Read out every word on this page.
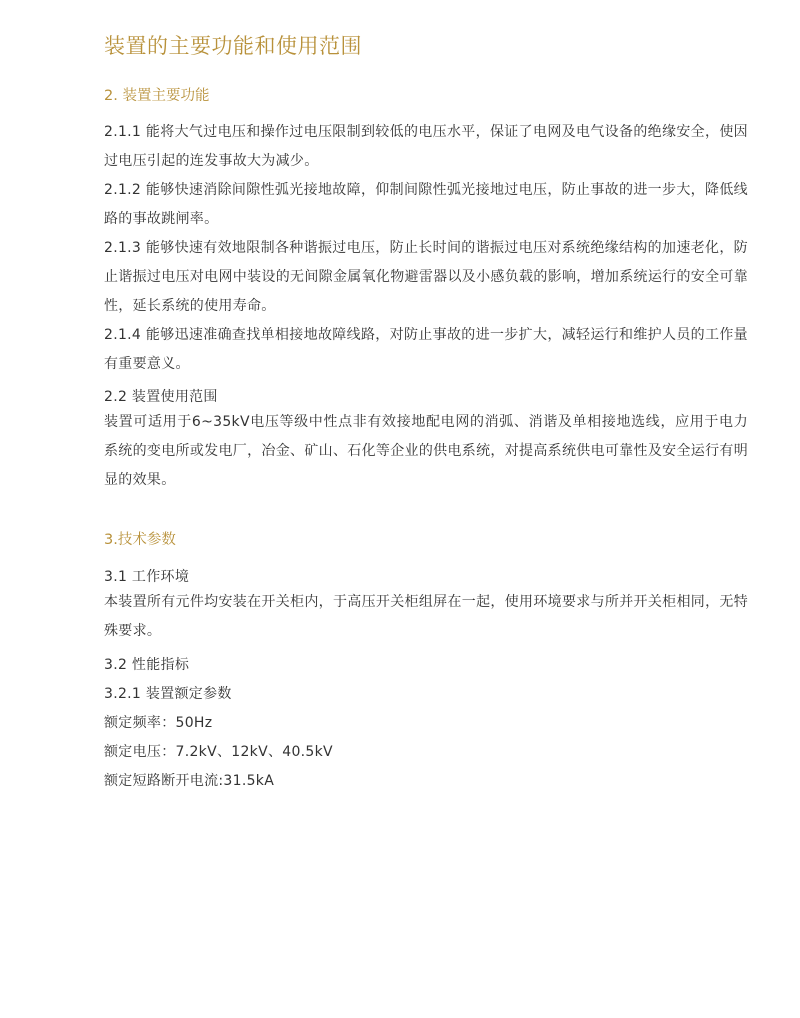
装置的主要功能和使用范围
2. 装置主要功能
2.1.1 能将大气过电压和操作过电压限制到较低的电压水平，保证了电网及电气设备的绝缘安全，使因过电压引起的连发事故大为减少。
2.1.2 能够快速消除间隙性弧光接地故障，仰制间隙性弧光接地过电压，防止事故的进一步大，降低线路的事故跳闸率。
2.1.3 能够快速有效地限制各种谐振过电压，防止长时间的谐振过电压对系统绝缘结构的加速老化，防止谐振过电压对电网中装设的无间隙金属氧化物避雷器以及小感负载的影响，增加系统运行的安全可靠性，延长系统的使用寿命。
2.1.4 能够迅速准确查找单相接地故障线路，对防止事故的进一步扩大，减轻运行和维护人员的工作量有重要意义。
2.2 装置使用范围
装置可适用于6~35kV电压等级中性点非有效接地配电网的消弧、消谐及单相接地选线，应用于电力系统的变电所或发电厂，冶金、矿山、石化等企业的供电系统，对提高系统供电可靠性及安全运行有明显的效果。
3.技术参数
3.1 工作环境
本装置所有元件均安装在开关柜内，于高压开关柜组屏在一起，使用环境要求与所并开关柜相同，无特殊要求。
3.2 性能指标
3.2.1 装置额定参数
额定频率：50Hz
额定电压：7.2kV、12kV、40.5kV
额定短路断开电流:31.5kA
